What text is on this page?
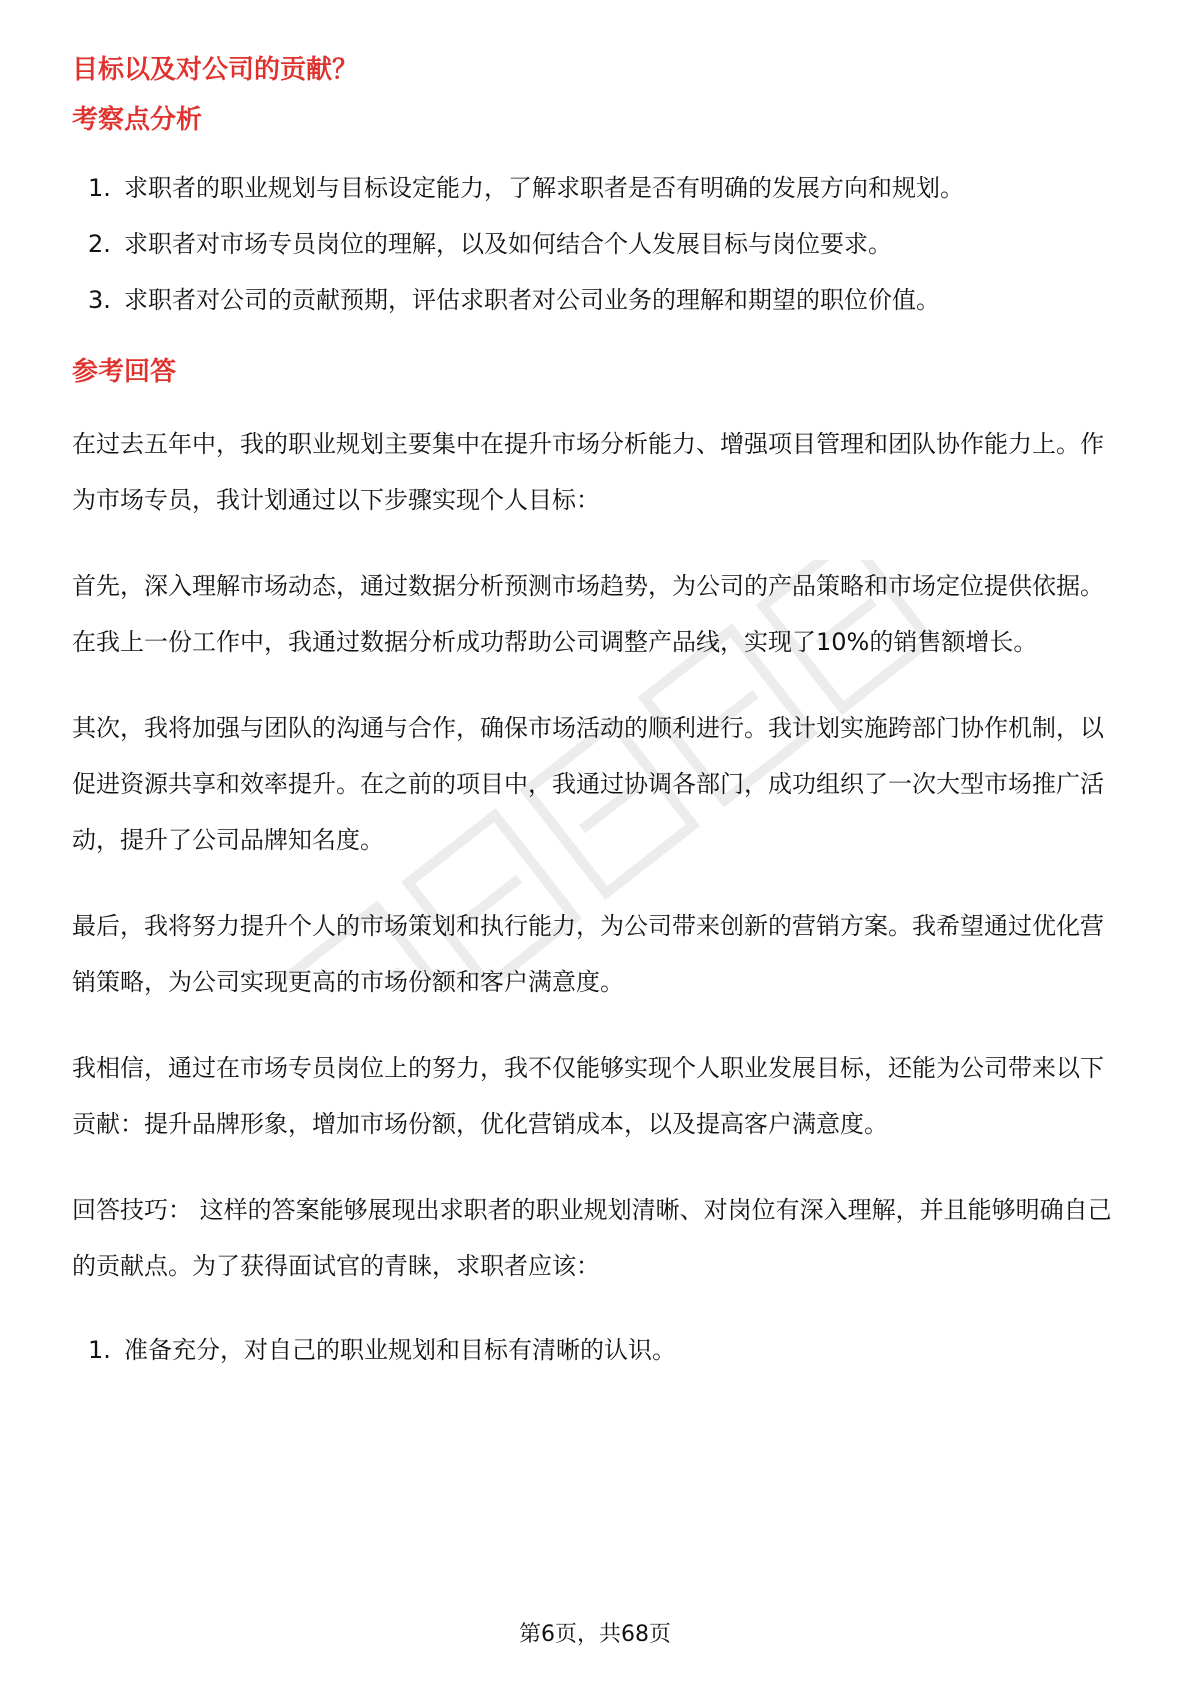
目标以及对公司的贡献？
考察点分析
1. 求职者的职业规划与目标设定能力，了解求职者是否有明确的发展方向和规划。
2. 求职者对市场专员岗位的理解，以及如何结合个人发展目标与岗位要求。
3. 求职者对公司的贡献预期，评估求职者对公司业务的理解和期望的职位价值。
参考回答

在过去五年中，我的职业规划主要集中在提升市场分析能力、增强项目管理和团队协作能力上。作为市场专员，我计划通过以下步骤实现个人目标：

首先，深入理解市场动态，通过数据分析预测市场趋势，为公司的产品策略和市场定位提供依据。在我上一份工作中，我通过数据分析成功帮助公司调整产品线，实现了10%的销售额增长。

其次，我将加强与团队的沟通与合作，确保市场活动的顺利进行。我计划实施跨部门协作机制，以促进资源共享和效率提升。在之前的项目中，我通过协调各部门，成功组织了一次大型市场推广活动，提升了公司品牌知名度。

最后，我将努力提升个人的市场策划和执行能力，为公司带来创新的营销方案。我希望通过优化营销策略，为公司实现更高的市场份额和客户满意度。

我相信，通过在市场专员岗位上的努力，我不仅能够实现个人职业发展目标，还能为公司带来以下贡献：提升品牌形象，增加市场份额，优化营销成本，以及提高客户满意度。

回答技巧： 这样的答案能够展现出求职者的职业规划清晰、对岗位有深入理解，并且能够明确自己的贡献点。为了获得面试官的青睐，求职者应该：

1. 准备充分，对自己的职业规划和目标有清晰的认识。
第6页，共68页
